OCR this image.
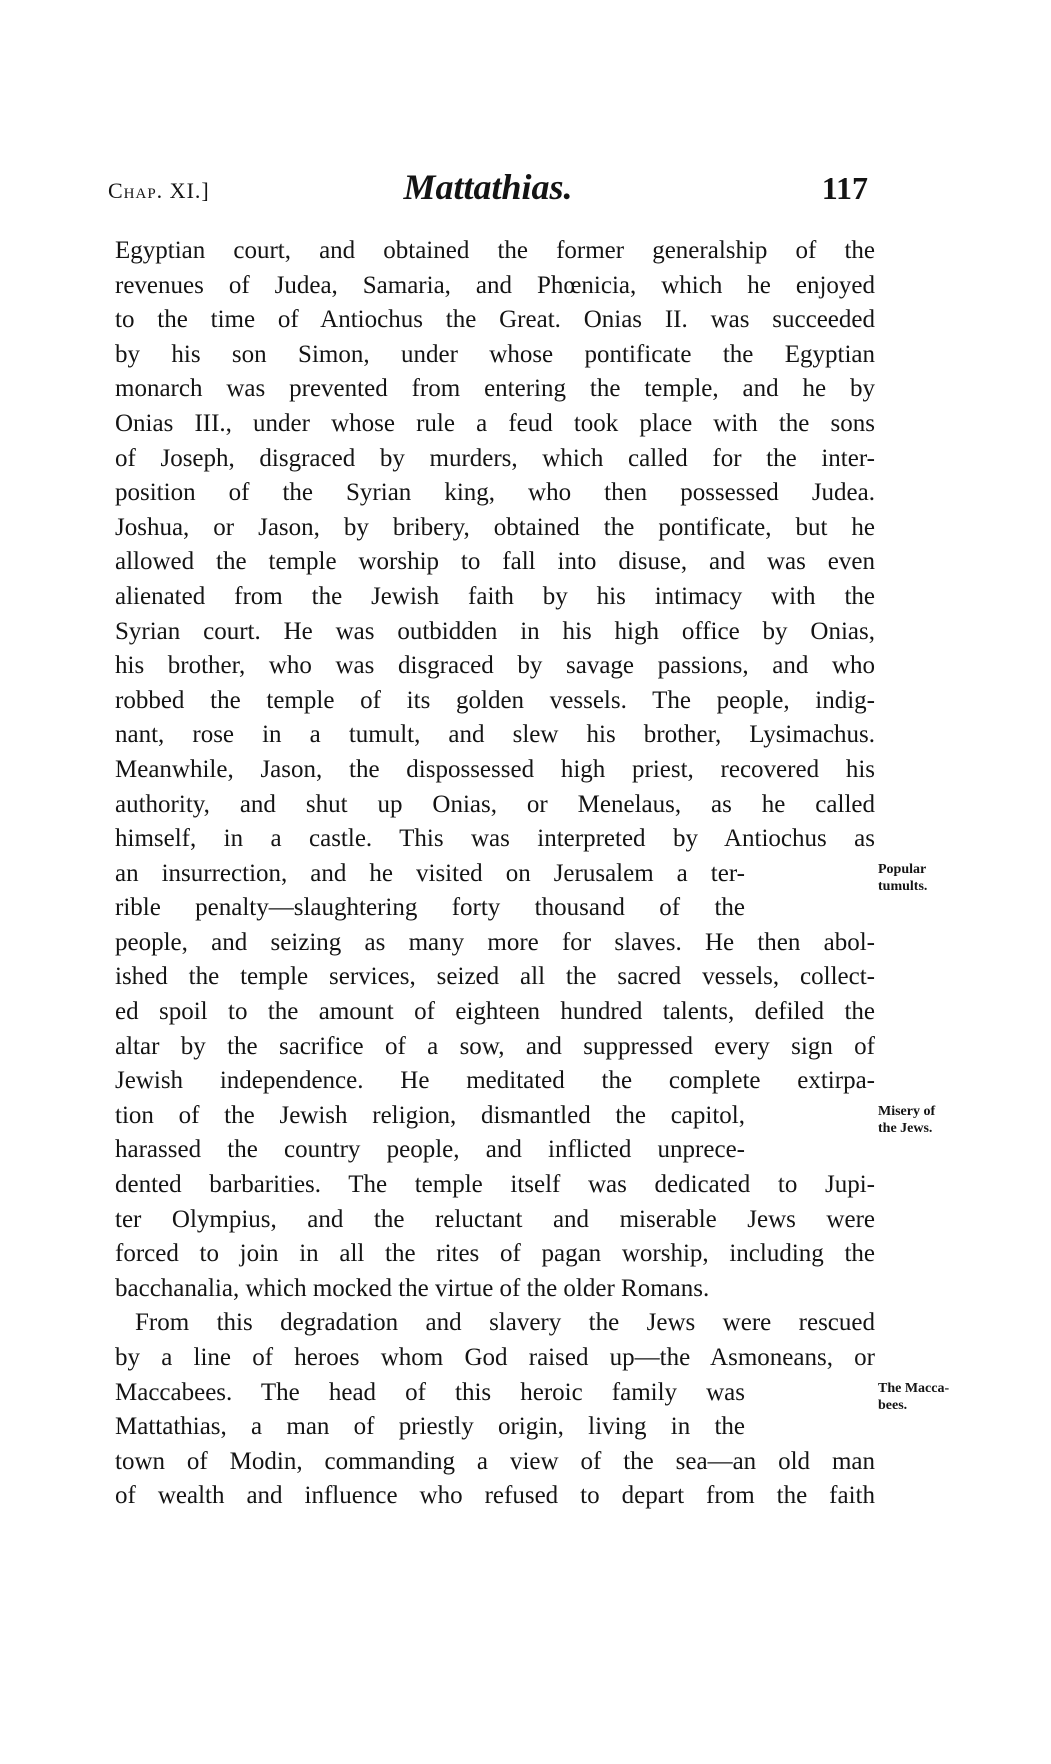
Chap. XI.]	Mattathias.	117
Egyptian court, and obtained the former generalship of the
revenues of Judea, Samaria, and Phœnicia, which he enjoyed
to the time of Antiochus the Great. Onias II. was succeeded
by his son Simon, under whose pontificate the Egyptian
monarch was prevented from entering the temple, and he by
Onias III., under whose rule a feud took place with the sons
of Joseph, disgraced by murders, which called for the inter-
position of the Syrian king, who then possessed Judea.
Joshua, or Jason, by bribery, obtained the pontificate, but he
allowed the temple worship to fall into disuse, and was even
alienated from the Jewish faith by his intimacy with the
Syrian court. He was outbidden in his high office by Onias,
his brother, who was disgraced by savage passions, and who
robbed the temple of its golden vessels. The people, indig-
nant, rose in a tumult, and slew his brother, Lysimachus.
Meanwhile, Jason, the dispossessed high priest, recovered his
authority, and shut up Onias, or Menelaus, as he called
himself, in a castle. This was interpreted by Antiochus as
an insurrection, and he visited on Jerusalem a ter-
rible penalty—slaughtering forty thousand of the
people, and seizing as many more for slaves. He then abol-
ished the temple services, seized all the sacred vessels, collect-
ed spoil to the amount of eighteen hundred talents, defiled the
altar by the sacrifice of a sow, and suppressed every sign of
Jewish independence. He meditated the complete extirpa-
tion of the Jewish religion, dismantled the capitol,
harassed the country people, and inflicted unprece-
dented barbarities. The temple itself was dedicated to Jupi-
ter Olympius, and the reluctant and miserable Jews were
forced to join in all the rites of pagan worship, including the
bacchanalia, which mocked the virtue of the older Romans.
From this degradation and slavery the Jews were rescued
by a line of heroes whom God raised up—the Asmoneans, or
Maccabees. The head of this heroic family was
Mattathias, a man of priestly origin, living in the
town of Modin, commanding a view of the sea—an old man
of wealth and influence who refused to depart from the faith
Popular
tumults.
Misery of
the Jews.
The Macca-
bees.
